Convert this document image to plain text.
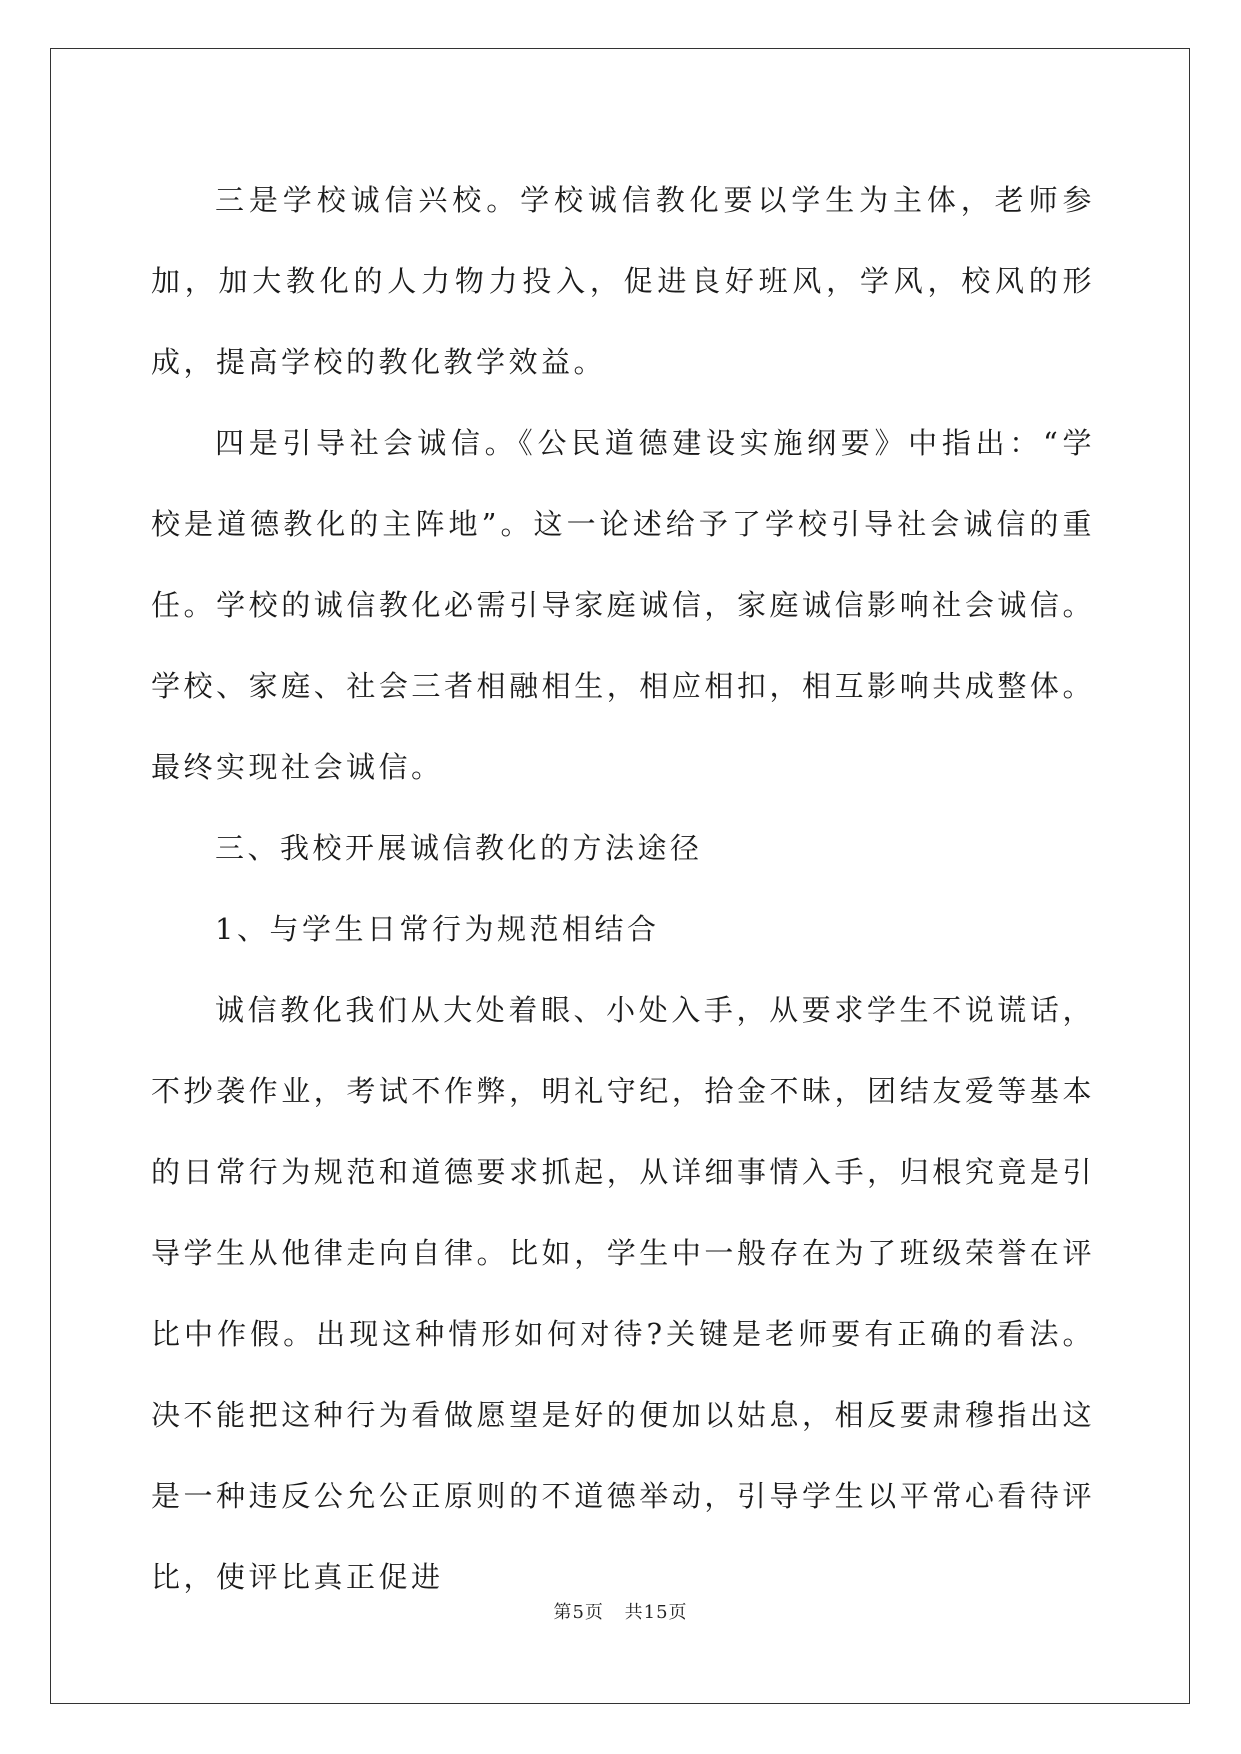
三是学校诚信兴校。学校诚信教化要以学生为主体，老师参加，加大教化的人力物力投入，促进良好班风，学风，校风的形成，提高学校的教化教学效益。

四是引导社会诚信。《公民道德建设实施纲要》中指出：“学校是道德教化的主阵地”。这一论述给予了学校引导社会诚信的重任。学校的诚信教化必需引导家庭诚信，家庭诚信影响社会诚信。学校、家庭、社会三者相融相生，相应相扣，相互影响共成整体。最终实现社会诚信。

三、我校开展诚信教化的方法途径

1、与学生日常行为规范相结合

诚信教化我们从大处着眼、小处入手，从要求学生不说谎话，不抄袭作业，考试不作弊，明礼守纪，拾金不昧，团结友爱等基本的日常行为规范和道德要求抓起，从详细事情入手，归根究竟是引导学生从他律走向自律。比如，学生中一般存在为了班级荣誉在评比中作假。出现这种情形如何对待?关键是老师要有正确的看法。决不能把这种行为看做愿望是好的便加以姑息，相反要肃穆指出这是一种违反公允公正原则的不道德举动，引导学生以平常心看待评比，使评比真正促进

第5页 共15页
